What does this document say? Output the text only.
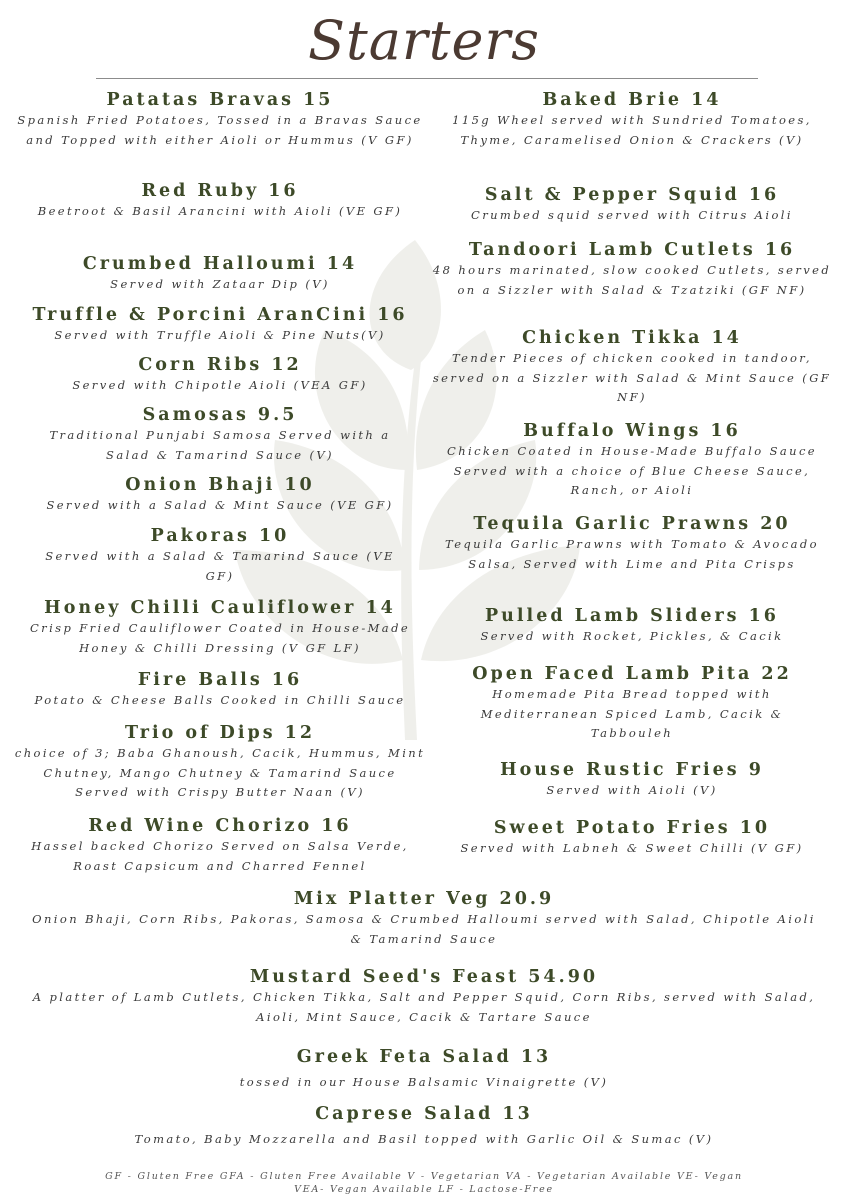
Starters
Patatas Bravas 15
Spanish Fried Potatoes, Tossed in a Bravas Sauce and Topped with either Aioli or Hummus (V GF)
Red Ruby 16
Beetroot & Basil Arancini with Aioli (VE GF)
Crumbed Halloumi 14
Served with Zataar Dip (V)
Truffle & Porcini AranCini 16
Served with Truffle Aioli & Pine Nuts(V)
Corn Ribs 12
Served with Chipotle Aioli (VEA GF)
Samosas 9.5
Traditional Punjabi Samosa Served with a Salad & Tamarind Sauce (V)
Onion Bhaji 10
Served with a Salad & Mint Sauce (VE GF)
Pakoras 10
Served with a Salad & Tamarind Sauce (VE GF)
Honey Chilli Cauliflower 14
Crisp Fried Cauliflower Coated in House-Made Honey & Chilli Dressing (V GF LF)
Fire Balls 16
Potato & Cheese Balls Cooked in Chilli Sauce
Trio of Dips 12
choice of 3; Baba Ghanoush, Cacik, Hummus, Mint Chutney, Mango Chutney & Tamarind Sauce Served with Crispy Butter Naan (V)
Red Wine Chorizo 16
Hassel backed Chorizo Served on Salsa Verde, Roast Capsicum and Charred Fennel
Baked Brie 14
115g Wheel served with Sundried Tomatoes, Thyme, Caramelised Onion & Crackers (V)
Salt & Pepper Squid 16
Crumbed squid served with Citrus Aioli
Tandoori Lamb Cutlets 16
48 hours marinated, slow cooked Cutlets, served on a Sizzler with Salad & Tzatziki (GF NF)
Chicken Tikka 14
Tender Pieces of chicken cooked in tandoor, served on a Sizzler with Salad & Mint Sauce (GF NF)
Buffalo Wings 16
Chicken Coated in House-Made Buffalo Sauce Served with a choice of Blue Cheese Sauce, Ranch, or Aioli
Tequila Garlic Prawns 20
Tequila Garlic Prawns with Tomato & Avocado Salsa, Served with Lime and Pita Crisps
Pulled Lamb Sliders 16
Served with Rocket, Pickles, & Cacik
Open Faced Lamb Pita 22
Homemade Pita Bread topped with Mediterranean Spiced Lamb, Cacik & Tabbouleh
House Rustic Fries 9
Served with Aioli (V)
Sweet Potato Fries 10
Served with Labneh & Sweet Chilli (V GF)
Mix Platter Veg 20.9
Onion Bhaji, Corn Ribs, Pakoras, Samosa & Crumbed Halloumi served with Salad, Chipotle Aioli & Tamarind Sauce
Mustard Seed's Feast 54.90
A platter of Lamb Cutlets, Chicken Tikka, Salt and Pepper Squid, Corn Ribs, served with Salad, Aioli, Mint Sauce, Cacik & Tartare Sauce
Greek Feta Salad 13
tossed in our House Balsamic Vinaigrette (V)
Caprese Salad 13
Tomato, Baby Mozzarella and Basil topped with Garlic Oil & Sumac (V)
GF - Gluten Free GFA - Gluten Free Available V - Vegetarian VA - Vegetarian Available VE- Vegan
VEA- Vegan Available LF - Lactose-Free
